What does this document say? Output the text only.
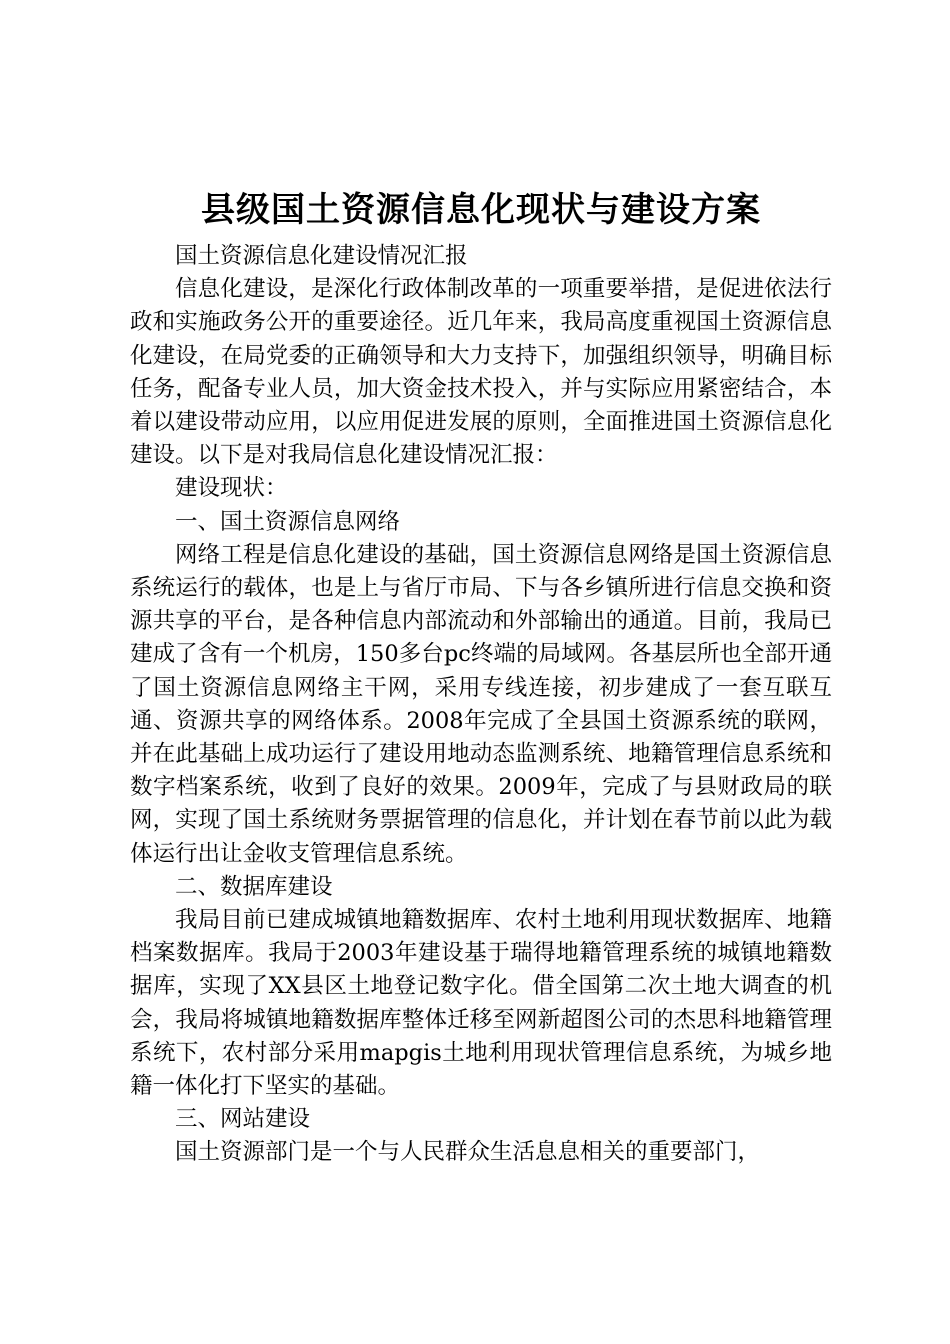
县级国土资源信息化现状与建设方案

国土资源信息化建设情况汇报

信息化建设，是深化行政体制改革的一项重要举措，是促进依法行政和实施政务公开的重要途径。近几年来，我局高度重视国土资源信息化建设，在局党委的正确领导和大力支持下，加强组织领导，明确目标任务，配备专业人员，加大资金技术投入，并与实际应用紧密结合，本着以建设带动应用，以应用促进发展的原则，全面推进国土资源信息化建设。以下是对我局信息化建设情况汇报：

建设现状：

一、国土资源信息网络

网络工程是信息化建设的基础，国土资源信息网络是国土资源信息系统运行的载体，也是上与省厅市局、下与各乡镇所进行信息交换和资源共享的平台，是各种信息内部流动和外部输出的通道。目前，我局已建成了含有一个机房，150多台pc终端的局域网。各基层所也全部开通了国土资源信息网络主干网，采用专线连接，初步建成了一套互联互通、资源共享的网络体系。2008年完成了全县国土资源系统的联网，并在此基础上成功运行了建设用地动态监测系统、地籍管理信息系统和数字档案系统，收到了良好的效果。2009年，完成了与县财政局的联网，实现了国土系统财务票据管理的信息化，并计划在春节前以此为载体运行出让金收支管理信息系统。

二、数据库建设

我局目前已建成城镇地籍数据库、农村土地利用现状数据库、地籍档案数据库。我局于2003年建设基于瑞得地籍管理系统的城镇地籍数据库，实现了XX县区土地登记数字化。借全国第二次土地大调查的机会，我局将城镇地籍数据库整体迁移至网新超图公司的杰思科地籍管理系统下，农村部分采用mapgis土地利用现状管理信息系统，为城乡地籍一体化打下坚实的基础。

三、网站建设

国土资源部门是一个与人民群众生活息息相关的重要部门，
